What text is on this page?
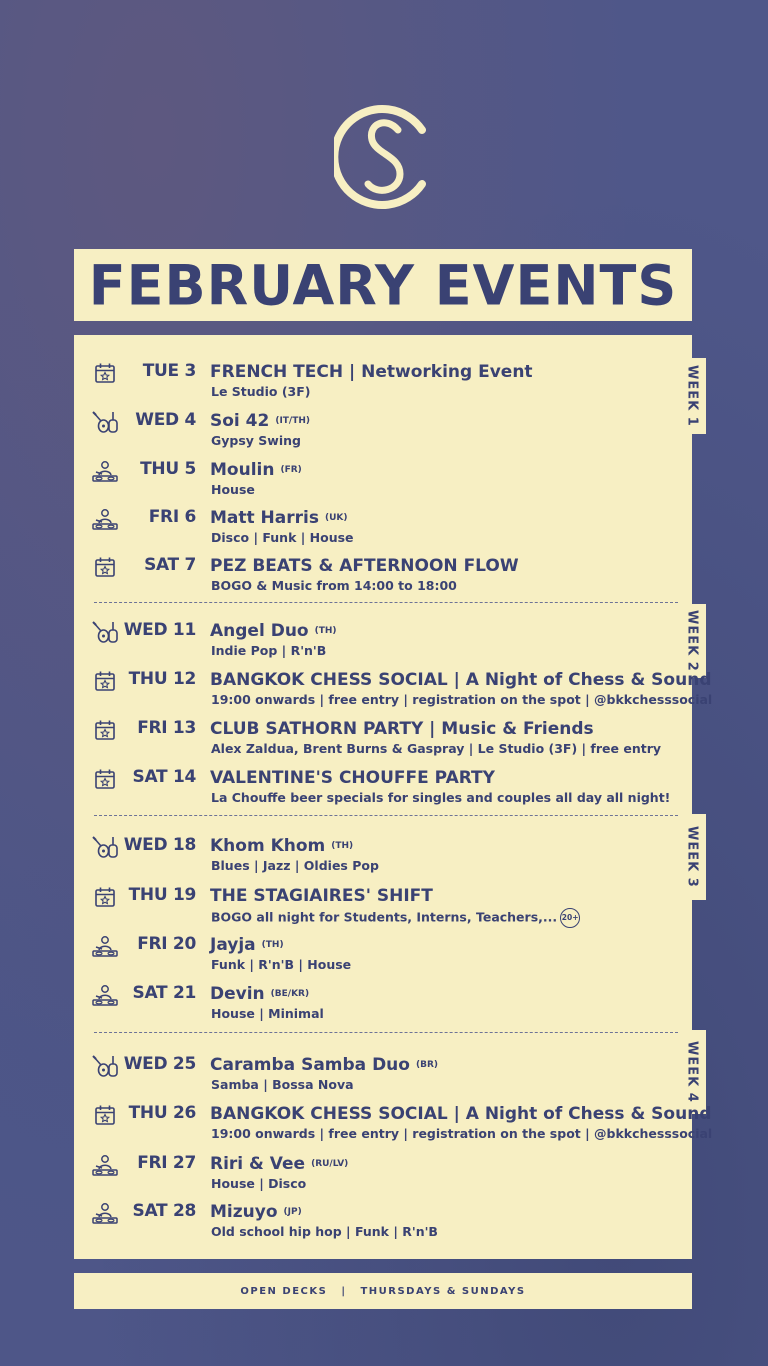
FEBRUARY EVENTS
WEEK 1
WEEK 2
WEEK 3
WEEK 4
TUE 3 FRENCH TECH | Networking Event
Le Studio (3F)
WED 4 Soi 42 (IT/TH)
Gypsy Swing
THU 5 Moulin (FR)
House
FRI 6 Matt Harris (UK)
Disco | Funk | House
SAT 7 PEZ BEATS & AFTERNOON FLOW
BOGO & Music from 14:00 to 18:00
WED 11 Angel Duo (TH)
Indie Pop | R'n'B
THU 12 BANGKOK CHESS SOCIAL | A Night of Chess & Sound
19:00 onwards | free entry | registration on the spot | @bkkchesssocial
FRI 13 CLUB SATHORN PARTY | Music & Friends
Alex Zaldua, Brent Burns & Gaspray | Le Studio (3F) | free entry
SAT 14 VALENTINE'S CHOUFFE PARTY
La Chouffe beer specials for singles and couples all day all night!
WED 18 Khom Khom (TH)
Blues | Jazz | Oldies Pop
THU 19 THE STAGIAIRES' SHIFT
BOGO all night for Students, Interns, Teachers,... 20+
FRI 20 Jayja (TH)
Funk | R'n'B | House
SAT 21 Devin (BE/KR)
House | Minimal
WED 25 Caramba Samba Duo (BR)
Samba | Bossa Nova
THU 26 BANGKOK CHESS SOCIAL | A Night of Chess & Sound
19:00 onwards | free entry | registration on the spot | @bkkchesssocial
FRI 27 Riri & Vee (RU/LV)
House | Disco
SAT 28 Mizuyo (JP)
Old school hip hop | Funk | R'n'B
OPEN DECKS | THURSDAYS & SUNDAYS
